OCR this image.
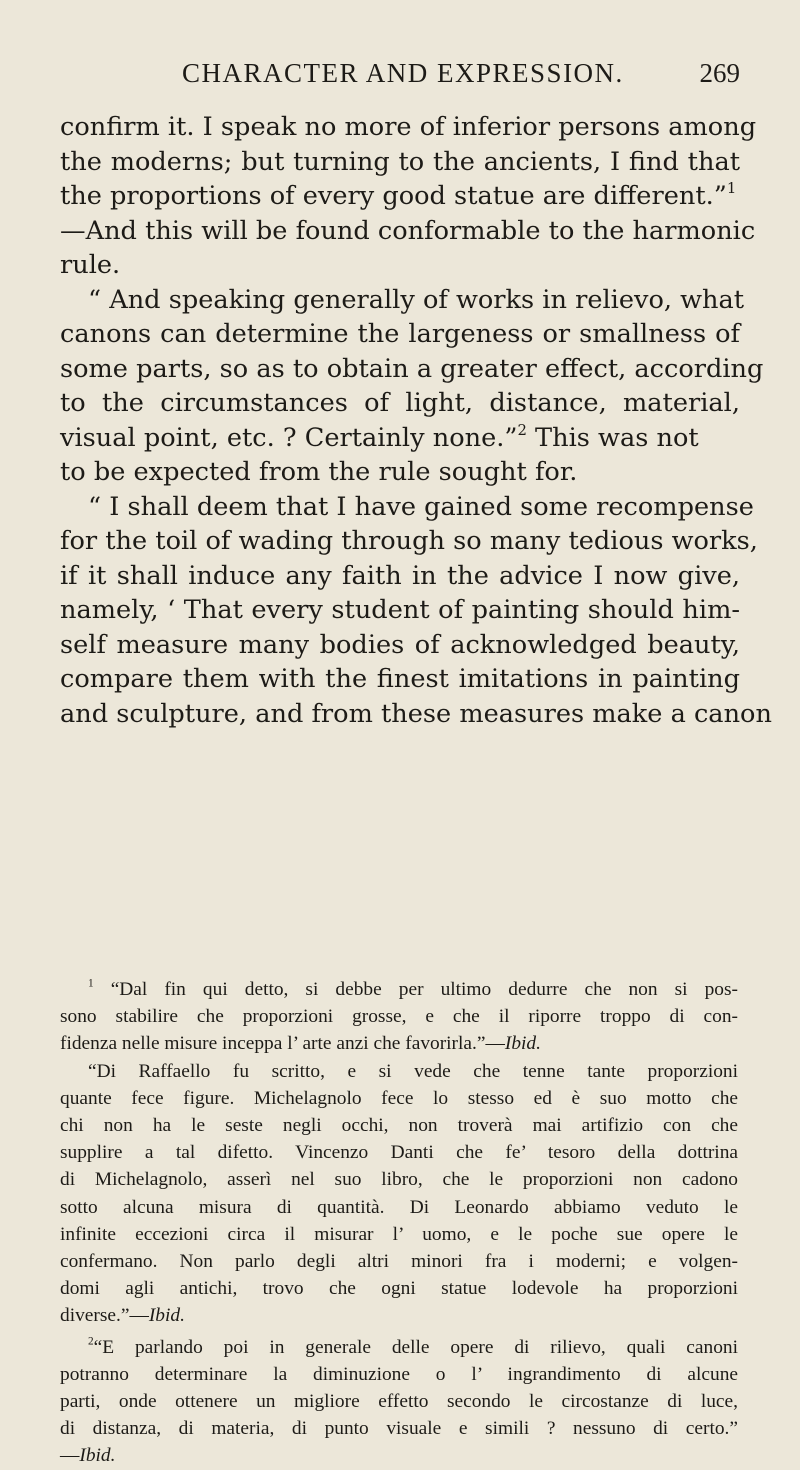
CHARACTER AND EXPRESSION.	269
confirm it. I speak no more of inferior persons among
the moderns; but turning to the ancients, I find that
the proportions of every good statue are different.”$^1$
—And this will be found conformable to the harmonic
rule.
“ And speaking generally of works in relievo, what
canons can determine the largeness or smallness of
some parts, so as to obtain a greater effect, according
to the circumstances of light, distance, material,
visual point, etc. ? Certainly none.”$^2$ This was not
to be expected from the rule sought for.
“ I shall deem that I have gained some recompense
for the toil of wading through so many tedious works,
if it shall induce any faith in the advice I now give,
namely, ‘ That every student of painting should him-
self measure many bodies of acknowledged beauty,
compare them with the finest imitations in painting
and sculpture, and from these measures make a canon
$^1$ “Dal fin qui detto, si debbe per ultimo dedurre che non si pos-
sono stabilire che proporzioni grosse, e che il riporre troppo di con-
fidenza nelle misure inceppa l’ arte anzi che favorirla.”—Ibid.
“Di Raffaello fu scritto, e si vede che tenne tante proporzioni
quante fece figure. Michelagnolo fece lo stesso ed è suo motto che
chi non ha le seste negli occhi, non troverà mai artifizio con che
supplire a tal difetto. Vincenzo Danti che fe’ tesoro della dottrina
di Michelagnolo, asserì nel suo libro, che le proporzioni non cadono
sotto alcuna misura di quantità. Di Leonardo abbiamo veduto le
infinite eccezioni circa il misurar l’ uomo, e le poche sue opere le
confermano. Non parlo degli altri minori fra i moderni; e volgen-
domi agli antichi, trovo che ogni statue lodevole ha proporzioni
diverse.”—Ibid.
$^2$“E parlando poi in generale delle opere di rilievo, quali canoni
potranno determinare la diminuzione o l’ ingrandimento di alcune
parti, onde ottenere un migliore effetto secondo le circostanze di luce,
di distanza, di materia, di punto visuale e simili ? nessuno di certo.”
—Ibid.
